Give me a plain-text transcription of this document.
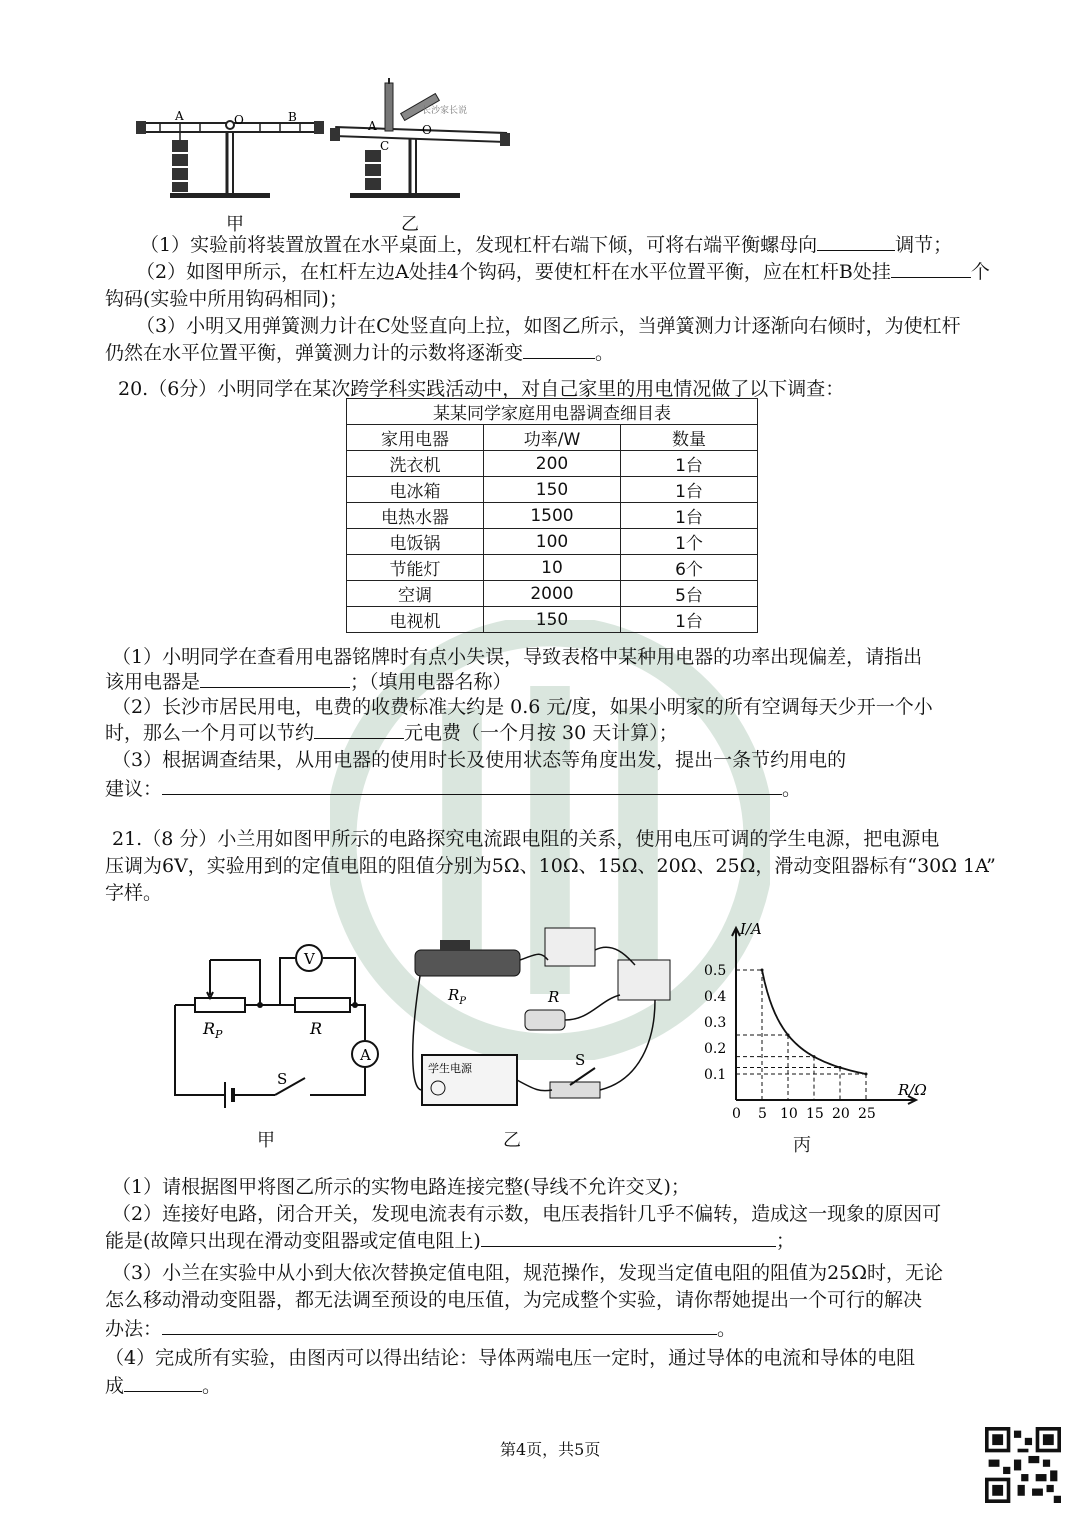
A	O	B
A
C
O
长沙家长说
甲	乙
（1）实验前将装置放置在水平桌面上，发现杠杆右端下倾，可将右端平衡螺母向	调节；
（2）如图甲所示，在杠杆左边A处挂4个钩码，要使杠杆在水平位置平衡，应在杠杆B处挂	个
钩码(实验中所用钩码相同)；
（3）小明又用弹簧测力计在C处竖直向上拉，如图乙所示，当弹簧测力计逐渐向右倾时，为使杠杆
仍然在水平位置平衡，弹簧测力计的示数将逐渐变	。
20.（6分）小明同学在某次跨学科实践活动中，对自己家里的用电情况做了以下调查：
某某同学家庭用电器调查细目表		
家用电器	功率/W	数量
洗衣机	200	1台
电冰箱	150	1台
电热水器	1500	1台
电饭锅	100	1个
节能灯	10	6个
空调	2000	5台
电视机	150	1台
（1）小明同学在查看用电器铭牌时有点小失误，导致表格中某种用电器的功率出现偏差，请指出
该用电器是	；（填用电器名称）
（2）长沙市居民用电，电费的收费标准大约是 0.6 元/度，如果小明家的所有空调每天少开一个小
时，那么一个月可以节约	元电费（一个月按 30 天计算）；
（3）根据调查结果，从用电器的使用时长及使用状态等角度出发，提出一条节约用电的
建议：	。
21.（8 分）小兰用如图甲所示的电路探究电流跟电阻的关系，使用电压可调的学生电源，把电源电
压调为6V，实验用到的定值电阻的阻值分别为5Ω、10Ω、15Ω、20Ω、25Ω，滑动变阻器标有“30Ω 1A”
字样。
V
A
$R_P$	R
S
甲
$R_P$	R
学生电源	S
乙
I/A
R/Ω
0 5 10 15 20 25
0.1
0.2
0.3
0.4
0.5
丙
（1）请根据图甲将图乙所示的实物电路连接完整(导线不允许交叉)；
（2）连接好电路，闭合开关，发现电流表有示数，电压表指针几乎不偏转，造成这一现象的原因可
能是(故障只出现在滑动变阻器或定值电阻上)	；
（3）小兰在实验中从小到大依次替换定值电阻，规范操作，发现当定值电阻的阻值为25Ω时，无论
怎么移动滑动变阻器，都无法调至预设的电压值，为完成整个实验，请你帮她提出一个可行的解决
办法：	。
（4）完成所有实验，由图丙可以得出结论：导体两端电压一定时，通过导体的电流和导体的电阻
成	。
第4页，共5页
